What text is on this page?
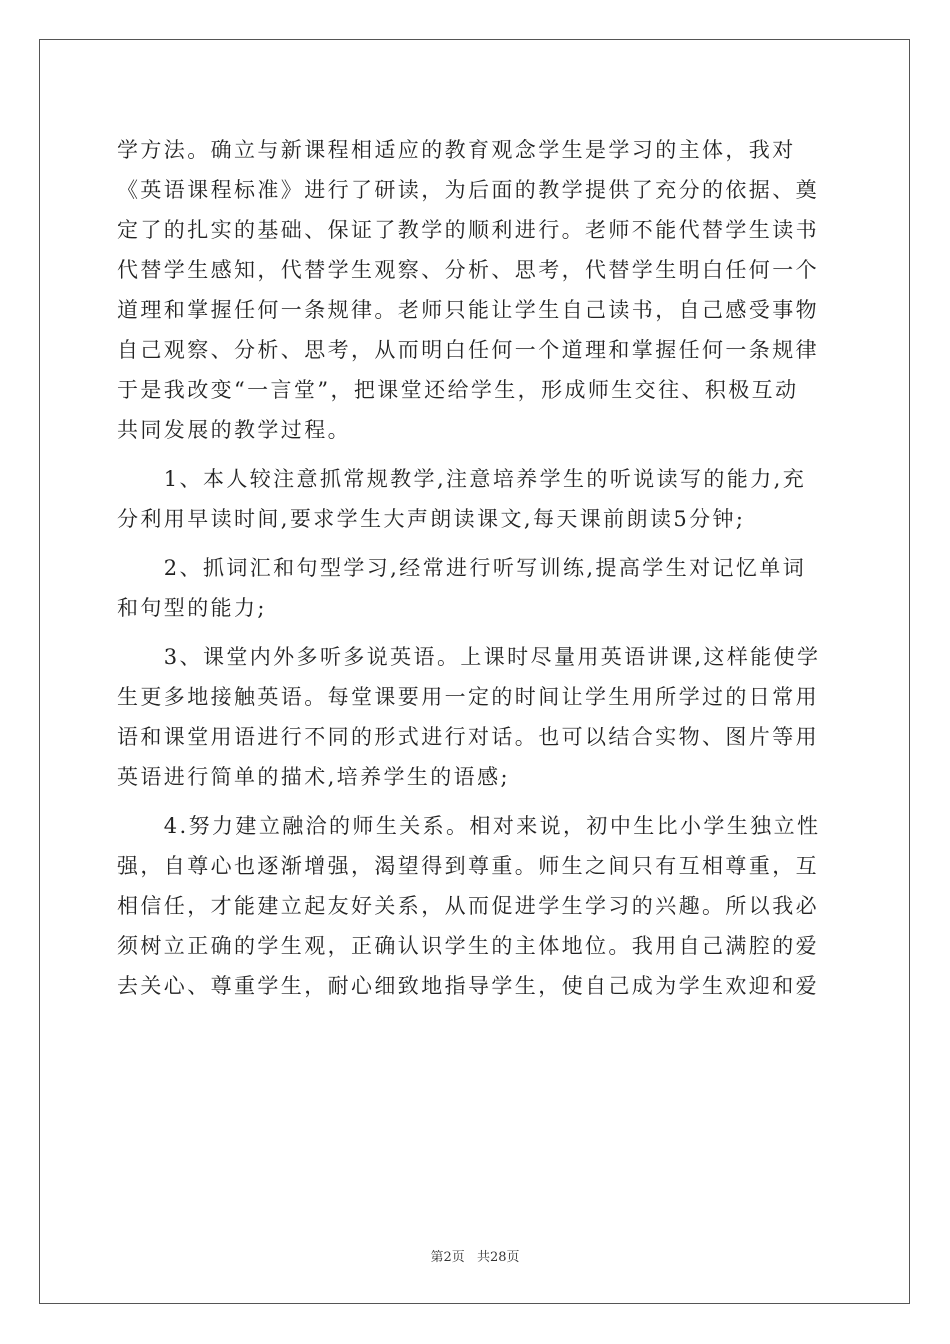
学方法。确立与新课程相适应的教育观念学生是学习的主体，我对
《英语课程标准》进行了研读，为后面的教学提供了充分的依据、奠
定了的扎实的基础、保证了教学的顺利进行。老师不能代替学生读书
代替学生感知，代替学生观察、分析、思考，代替学生明白任何一个
道理和掌握任何一条规律。老师只能让学生自己读书，自己感受事物
自己观察、分析、思考，从而明白任何一个道理和掌握任何一条规律
于是我改变“一言堂”，把课堂还给学生，形成师生交往、积极互动
共同发展的教学过程。

　　1、本人较注意抓常规教学,注意培养学生的听说读写的能力,充
分利用早读时间,要求学生大声朗读课文,每天课前朗读5分钟;

　　2、抓词汇和句型学习,经常进行听写训练,提高学生对记忆单词
和句型的能力;

　　3、课堂内外多听多说英语。上课时尽量用英语讲课,这样能使学
生更多地接触英语。每堂课要用一定的时间让学生用所学过的日常用
语和课堂用语进行不同的形式进行对话。也可以结合实物、图片等用
英语进行简单的描术,培养学生的语感;

　　4.努力建立融洽的师生关系。相对来说，初中生比小学生独立性
强，自尊心也逐渐增强，渴望得到尊重。师生之间只有互相尊重，互
相信任，才能建立起友好关系，从而促进学生学习的兴趣。所以我必
须树立正确的学生观，正确认识学生的主体地位。我用自己满腔的爱
去关心、尊重学生，耐心细致地指导学生，使自己成为学生欢迎和爱

第2页 共28页
